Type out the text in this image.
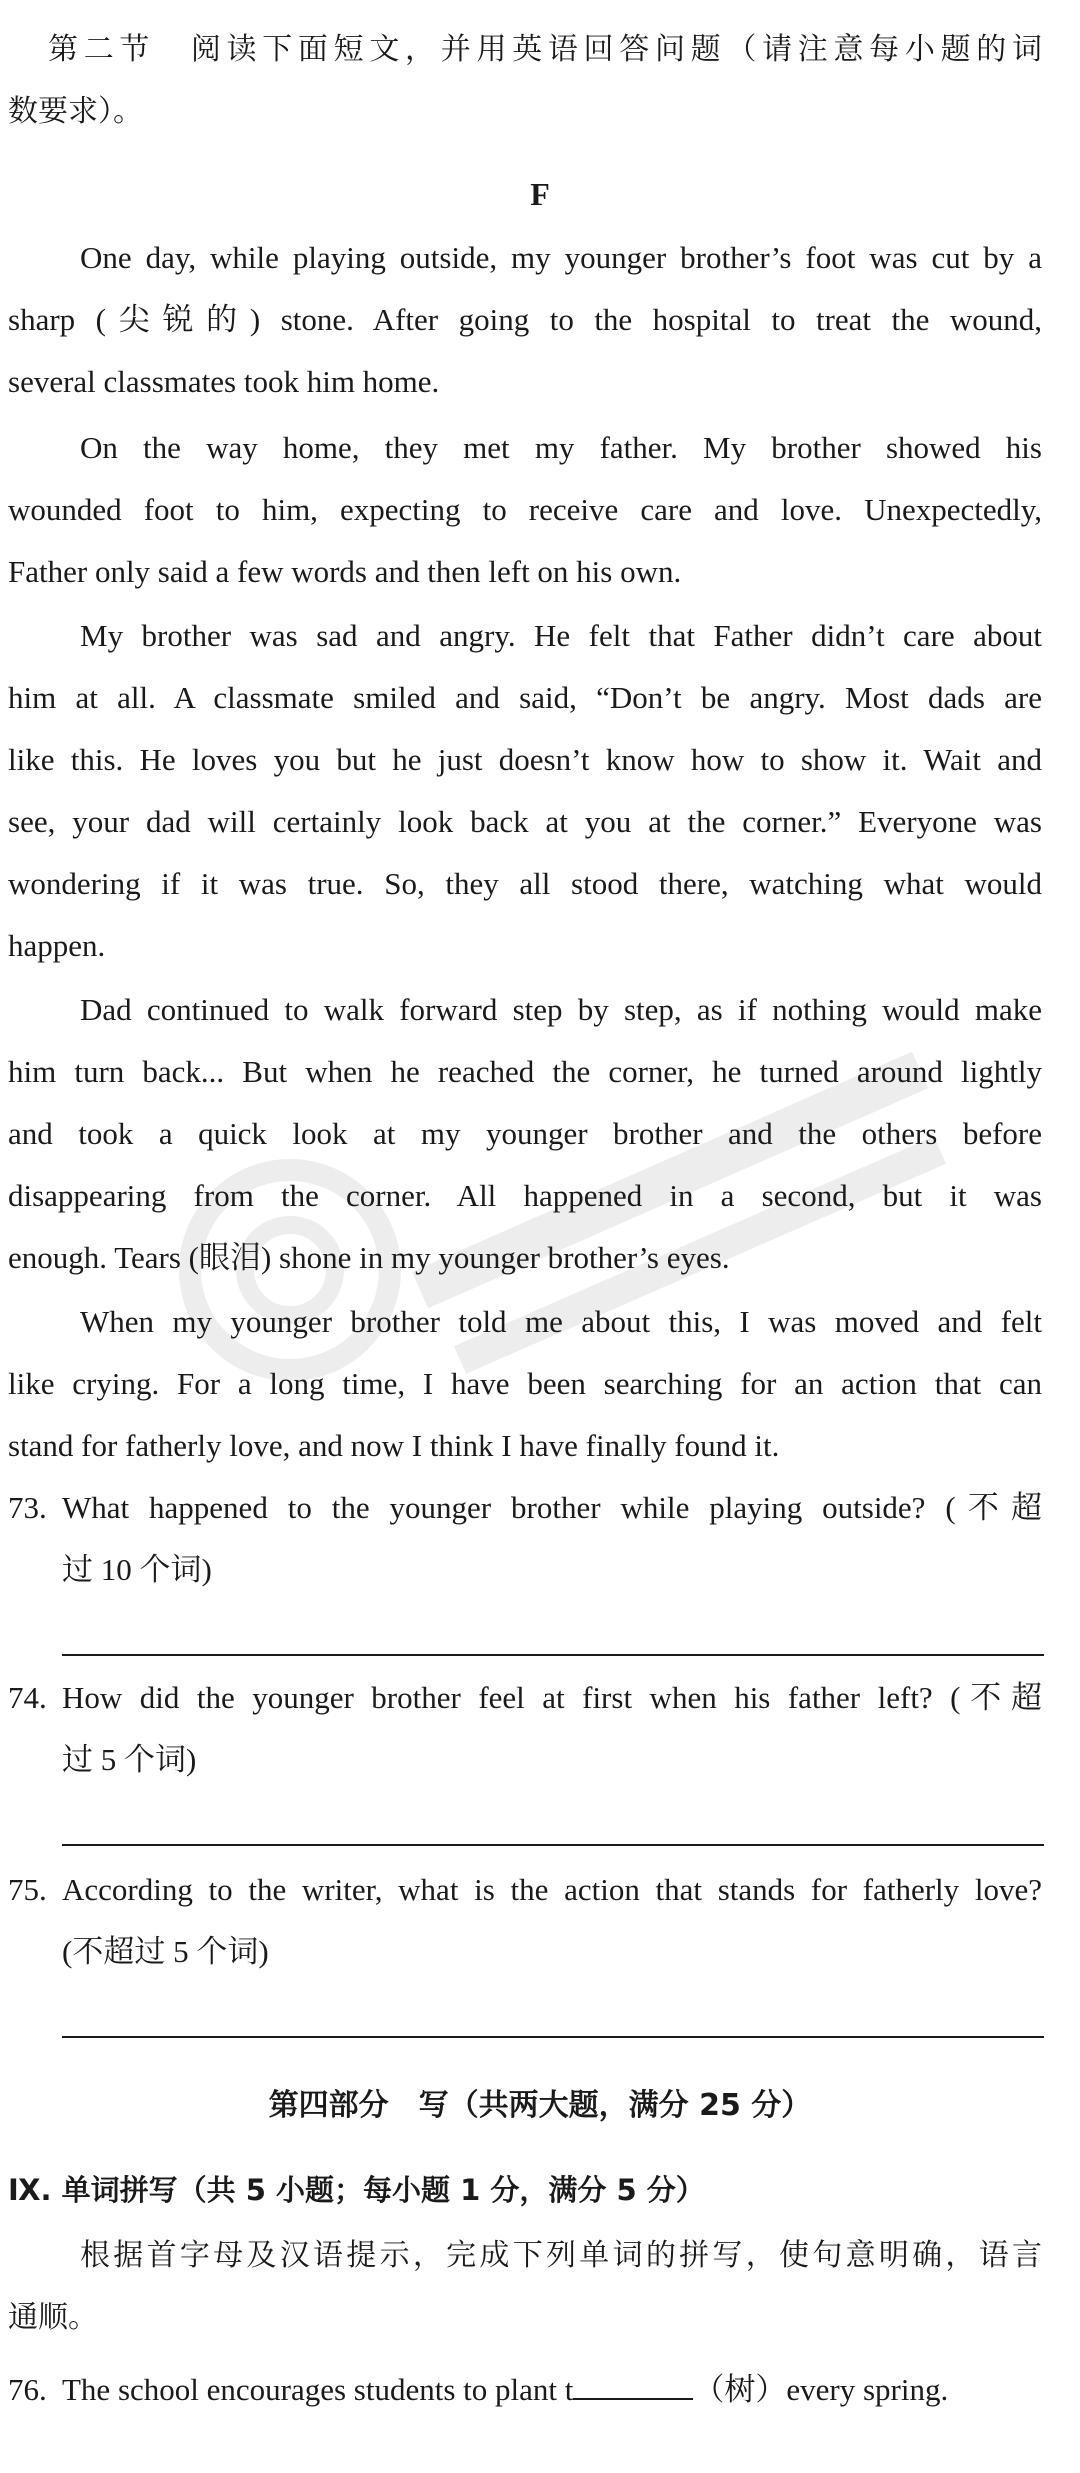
第二节　阅读下面短文，并用英语回答问题（请注意每小题的词
数要求）。
F
One day, while playing outside, my younger brother’s foot was cut by a
sharp (尖锐的) stone. After going to the hospital to treat the wound,
several classmates took him home.
On the way home, they met my father. My brother showed his
wounded foot to him, expecting to receive care and love. Unexpectedly,
Father only said a few words and then left on his own.
My brother was sad and angry. He felt that Father didn’t care about
him at all. A classmate smiled and said, “Don’t be angry. Most dads are
like this. He loves you but he just doesn’t know how to show it. Wait and
see, your dad will certainly look back at you at the corner.” Everyone was
wondering if it was true. So, they all stood there, watching what would
happen.
Dad continued to walk forward step by step, as if nothing would make
him turn back... But when he reached the corner, he turned around lightly
and took a quick look at my younger brother and the others before
disappearing from the corner. All happened in a second, but it was
enough. Tears (眼泪) shone in my younger brother’s eyes.
When my younger brother told me about this, I was moved and felt
like crying. For a long time, I have been searching for an action that can
stand for fatherly love, and now I think I have finally found it.
73. What happened to the younger brother while playing outside? (不超
过 10 个词)
74. How did the younger brother feel at first when his father left? (不超
过 5 个词)
75. According to the writer, what is the action that stands for fatherly love?
(不超过 5 个词)
第四部分　写（共两大题，满分 25 分）
Ⅸ. 单词拼写（共 5 小题；每小题 1 分，满分 5 分）
根据首字母及汉语提示，完成下列单词的拼写，使句意明确，语言
通顺。
76. The school encourages students to plant t	（树）every spring.
